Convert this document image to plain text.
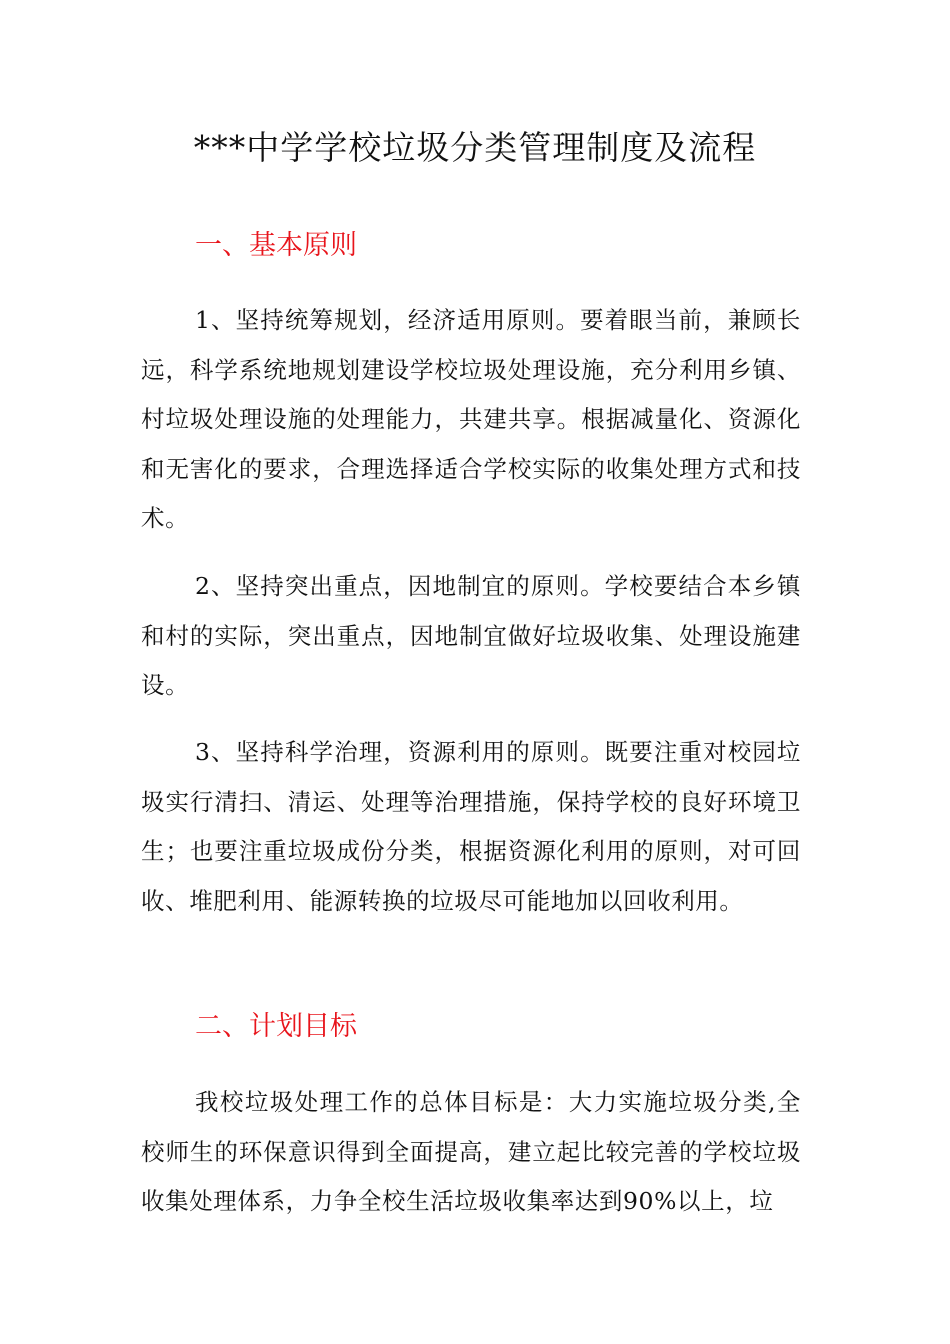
***中学学校垃圾分类管理制度及流程
一、基本原则

1、坚持统筹规划，经济适用原则。要着眼当前，兼顾长远，科学系统地规划建设学校垃圾处理设施，充分利用乡镇、村垃圾处理设施的处理能力，共建共享。根据减量化、资源化和无害化的要求，合理选择适合学校实际的收集处理方式和技术。

2、坚持突出重点，因地制宜的原则。学校要结合本乡镇和村的实际，突出重点，因地制宜做好垃圾收集、处理设施建设。

3、坚持科学治理，资源利用的原则。既要注重对校园垃圾实行清扫、清运、处理等治理措施，保持学校的良好环境卫生；也要注重垃圾成份分类，根据资源化利用的原则，对可回收、堆肥利用、能源转换的垃圾尽可能地加以回收利用。

二、计划目标

我校垃圾处理工作的总体目标是：大力实施垃圾分类,全校师生的环保意识得到全面提高，建立起比较完善的学校垃圾收集处理体系，力争全校生活垃圾收集率达到90%以上，垃
